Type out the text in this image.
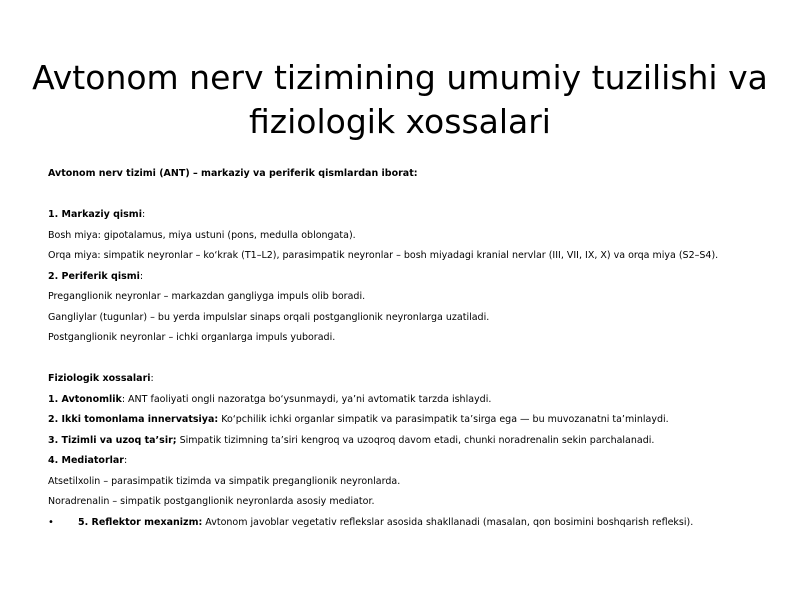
Avtonom nerv tizimining umumiy tuzilishi va fiziologik xossalari

Avtonom nerv tizimi (ANT) – markaziy va periferik qismlardan iborat:

1. Markaziy qismi:

Bosh miya: gipotalamus, miya ustuni (pons, medulla oblongata).

Orqa miya: simpatik neyronlar – ko‘krak (T1–L2), parasimpatik neyronlar – bosh miyadagi kranial nervlar (III, VII, IX, X) va orqa miya (S2–S4).

2. Periferik qismi:

Preganglionik neyronlar – markazdan gangliyga impuls olib boradi.

Gangliylar (tugunlar) – bu yerda impulslar sinaps orqali postganglionik neyronlarga uzatiladi.

Postganglionik neyronlar – ichki organlarga impuls yuboradi.

Fiziologik xossalari:

1. Avtonomlik: ANT faoliyati ongli nazoratga bo‘ysunmaydi, ya’ni avtomatik tarzda ishlaydi.

2. Ikki tomonlama innervatsiya: Ko‘pchilik ichki organlar simpatik va parasimpatik ta’sirga ega — bu muvozanatni ta’minlaydi.

3. Tizimli va uzoq ta’sir; Simpatik tizimning ta’siri kengroq va uzoqroq davom etadi, chunki noradrenalin sekin parchalanadi.

4. Mediatorlar:

Atsetilxolin – parasimpatik tizimda va simpatik preganglionik neyronlarda.

Noradrenalin – simpatik postganglionik neyronlarda asosiy mediator.

•	5. Reflektor mexanizm: Avtonom javoblar vegetativ reflekslar asosida shakllanadi (masalan, qon bosimini boshqarish refleksi).
